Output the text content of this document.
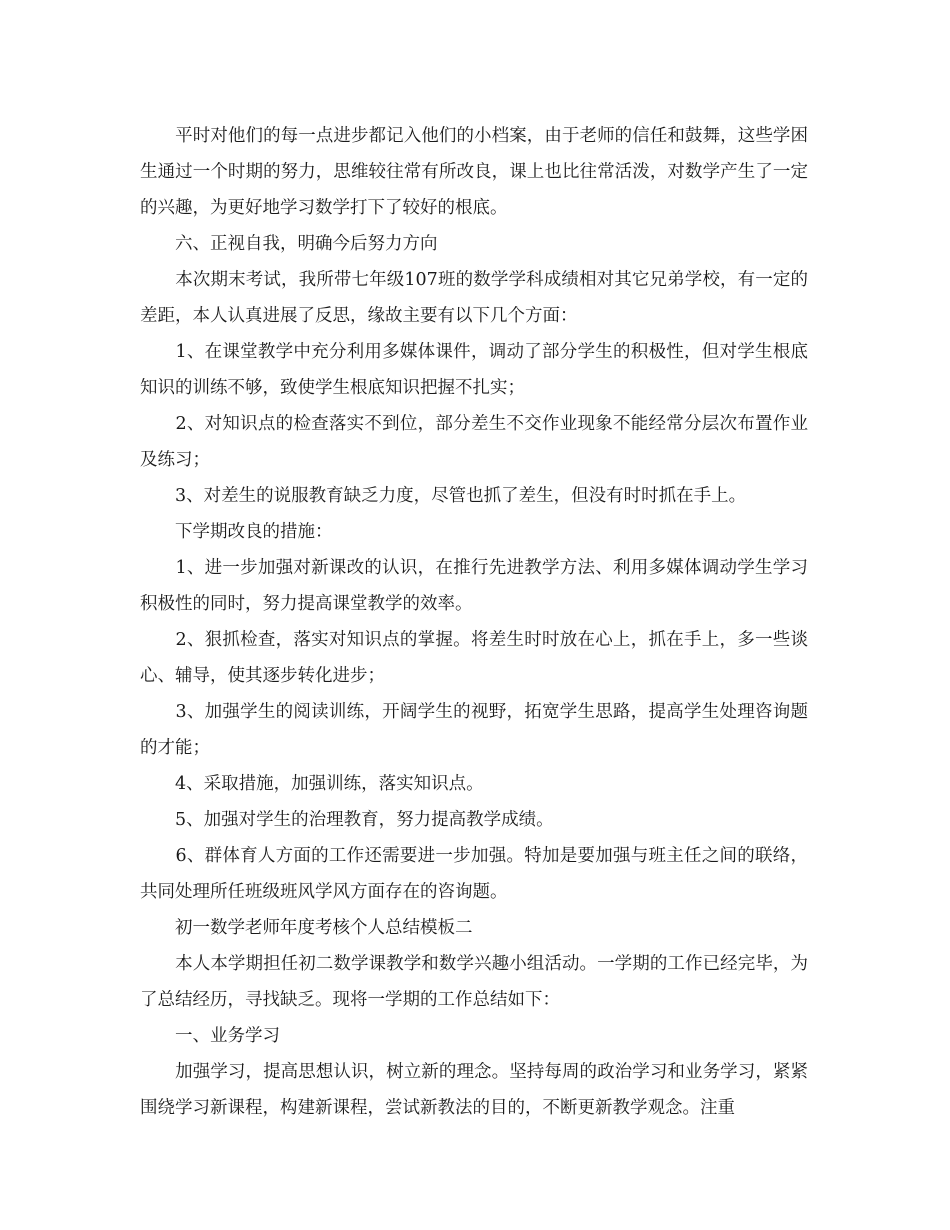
　　平时对他们的每一点进步都记入他们的小档案，由于老师的信任和鼓舞，这些学困生通过一个时期的努力，思维较往常有所改良，课上也比往常活泼，对数学产生了一定的兴趣，为更好地学习数学打下了较好的根底。

　　六、正视自我，明确今后努力方向

　　本次期末考试，我所带七年级107班的数学学科成绩相对其它兄弟学校，有一定的差距，本人认真进展了反思，缘故主要有以下几个方面：

　　1、在课堂教学中充分利用多媒体课件，调动了部分学生的积极性，但对学生根底知识的训练不够，致使学生根底知识把握不扎实；

　　2、对知识点的检查落实不到位，部分差生不交作业现象不能经常分层次布置作业及练习；

　　3、对差生的说服教育缺乏力度，尽管也抓了差生，但没有时时抓在手上。

　　下学期改良的措施：

　　1、进一步加强对新课改的认识，在推行先进教学方法、利用多媒体调动学生学习积极性的同时，努力提高课堂教学的效率。

　　2、狠抓检查，落实对知识点的掌握。将差生时时放在心上，抓在手上，多一些谈心、辅导，使其逐步转化进步；

　　3、加强学生的阅读训练，开阔学生的视野，拓宽学生思路，提高学生处理咨询题的才能；

　　4、采取措施，加强训练，落实知识点。

　　5、加强对学生的治理教育，努力提高教学成绩。

　　6、群体育人方面的工作还需要进一步加强。特加是要加强与班主任之间的联络，共同处理所任班级班风学风方面存在的咨询题。

　　初一数学老师年度考核个人总结模板二

　　本人本学期担任初二数学课教学和数学兴趣小组活动。一学期的工作已经完毕，为了总结经历，寻找缺乏。现将一学期的工作总结如下：

　　一、业务学习

　　加强学习，提高思想认识，树立新的理念。坚持每周的政治学习和业务学习，紧紧围绕学习新课程，构建新课程，尝试新教法的目的，不断更新教学观念。注重
